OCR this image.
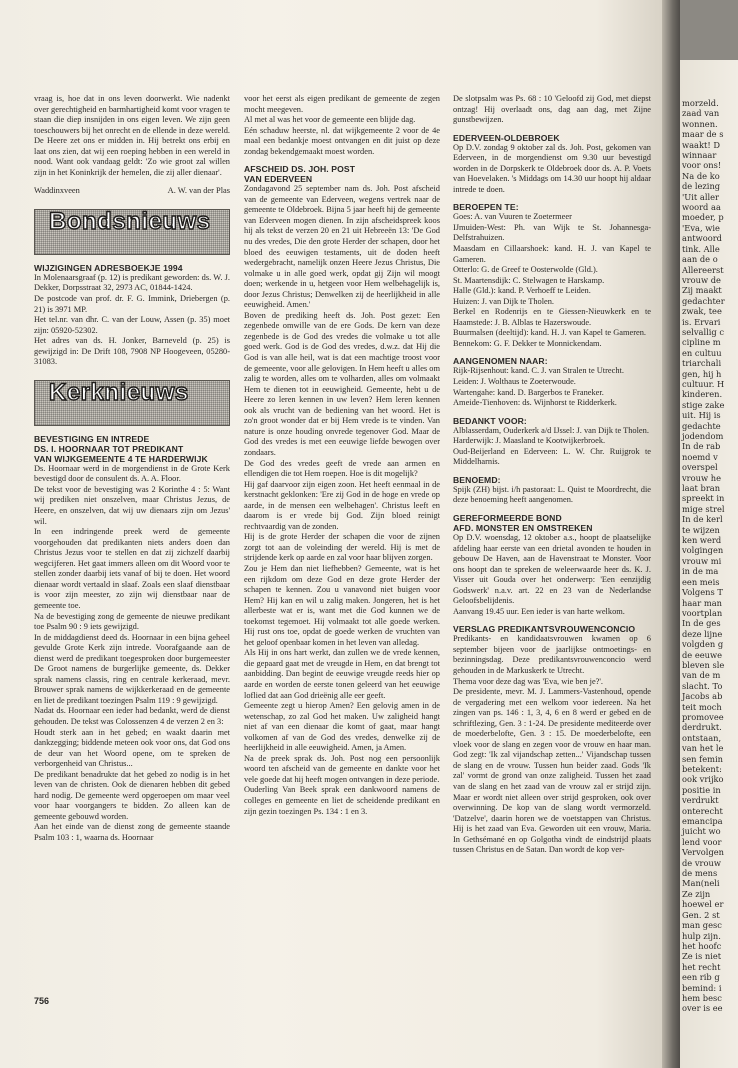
vraag is, hoe dat in ons leven doorwerkt. Wie nadenkt over gerechtigheid en barmhartigheid komt voor vragen te staan die diep insnijden in ons eigen leven. We zijn geen toeschouwers bij het onrecht en de ellende in deze wereld. De Heere zet ons er midden in. Hij betrekt ons erbij en laat ons zien, dat wij een roeping hebben in een wereld in nood. Want ook vandaag geldt: 'Zo wie groot zal willen zijn in het Koninkrijk der hemelen, die zij aller dienaar'.

Waddinxveen	A. W. van der Plas
Bondsnieuws
WIJZIGINGEN ADRESBOEKJE 1994

In Molenaarsgraaf (p. 12) is predikant geworden: ds. W. J. Dekker, Dorpsstraat 32, 2973 AC, 01844-1424.
De postcode van prof. dr. F. G. Immink, Driebergen (p. 21) is 3971 MP.
Het tel.nr. van dhr. C. van der Louw, Assen (p. 35) moet zijn: 05920-52302.
Het adres van ds. H. Jonker, Barneveld (p. 25) is gewijzigd in: De Drift 108, 7908 NP Hoogeveen, 05280-31083.

Kerknieuws
BEVESTIGING EN INTREDE
DS. I. HOORNAAR TOT PREDIKANT
VAN WIJKGEMEENTE 4 TE HARDERWIJK

Ds. Hoornaar werd in de morgendienst in de Grote Kerk bevestigd door de consulent ds. A. A. Floor.
De tekst voor de bevestiging was 2 Korinthe 4 : 5: Want wij prediken niet onszelven, maar Christus Jezus, de Heere, en onszelven, dat wij uw dienaars zijn om Jezus' wil.
In een indringende preek werd de gemeente voorgehouden dat predikanten niets anders doen dan Christus Jezus voor te stellen en dat zij zichzelf daarbij wegcijferen. Het gaat immers alleen om dit Woord voor te stellen zonder daarbij iets vanaf of bij te doen. Het woord dienaar wordt vertaald in slaaf. Zoals een slaaf dienstbaar is voor zijn meester, zo zijn wij dienstbaar naar de gemeente toe.
Na de bevestiging zong de gemeente de nieuwe predikant toe Psalm 90 : 9 iets gewijzigd.
In de middagdienst deed ds. Hoornaar in een bijna geheel gevulde Grote Kerk zijn intrede. Voorafgaande aan de dienst werd de predikant toegesproken door burgemeester De Groot namens de burgerlijke gemeente, ds. Dekker sprak namens classis, ring en centrale kerkeraad, mevr. Brouwer sprak namens de wijkkerkeraad en de gemeente en liet de predikant toezingen Psalm 119 : 9 gewijzigd.
Nadat ds. Hoornaar een ieder had bedankt, werd de dienst gehouden. De tekst was Colossenzen 4 de verzen 2 en 3:
Houdt sterk aan in het gebed; en waakt daarin met dankzegging; biddende meteen ook voor ons, dat God ons de deur van het Woord opene, om te spreken de verborgenheid van Christus...
De predikant benadrukte dat het gebed zo nodig is in het leven van de christen. Ook de dienaren hebben dit gebed hard nodig. De gemeente werd opgeroepen om maar veel voor haar voorgangers te bidden. Zo alleen kan de gemeente gebouwd worden.
Aan het einde van de dienst zong de gemeente staande Psalm 103 : 1, waarna ds. Hoornaar

voor het eerst als eigen predikant de gemeente de zegen mocht meegeven.
Al met al was het voor de gemeente een blijde dag.
Eén schaduw heerste, nl. dat wijkgemeente 2 voor de 4e maal een bedankje moest ontvangen en dit juist op deze zondag bekendgemaakt moest worden.

AFSCHEID DS. JOH. POST
VAN EDERVEEN

Zondagavond 25 september nam ds. Joh. Post afscheid van de gemeente van Ederveen, wegens vertrek naar de gemeente te Oldebroek. Bijna 5 jaar heeft hij de gemeente van Ederveen mogen dienen. In zijn afscheidspreek koos hij als tekst de verzen 20 en 21 uit Hebreeën 13: 'De God nu des vredes, Die den grote Herder der schapen, door het bloed des eeuwigen testaments, uit de doden heeft wedergebracht, namelijk onzen Heere Jezus Christus, Die volmake u in alle goed werk, opdat gij Zijn wil moogt doen; werkende in u, hetgeen voor Hem welbehagelijk is, door Jezus Christus; Denwelken zij de heerlijkheid in alle eeuwigheid. Amen.'
Boven de prediking heeft ds. Joh. Post gezet: Een zegenbede omwille van de ere Gods. De kern van deze zegenbede is de God des vredes die volmake u tot alle goed werk. God is de God des vredes, d.w.z. dat Hij die God is van alle heil, wat is dat een machtige troost voor de gemeente, voor alle gelovigen. In Hem heeft u alles om zalig te worden, alles om te volharden, alles om volmaakt Hem te dienen tot in eeuwigheid. Gemeente, hebt u de Heere zo leren kennen in uw leven? Hem leren kennen ook als vrucht van de bediening van het woord. Het is zo'n groot wonder dat er bij Hem vrede is te vinden. Van nature is onze houding onvrede tegenover God. Maar de God des vredes is met een eeuwige liefde bewogen over zondaars.
De God des vredes geeft de vrede aan armen en ellendigen die tot Hem roepen. Hoe is dit mogelijk?
Hij gaf daarvoor zijn eigen zoon. Het heeft eenmaal in de kerstnacht geklonken: 'Ere zij God in de hoge en vrede op aarde, in de mensen een welbehagen'. Christus leeft en daarom is er vrede bij God. Zijn bloed reinigt rechtvaardig van de zonden.
Hij is de grote Herder der schapen die voor de zijnen zorgt tot aan de voleinding der wereld. Hij is met de strijdende kerk op aarde en zal voor haar blijven zorgen.
Zou je Hem dan niet liefhebben? Gemeente, wat is het een rijkdom om deze God en deze grote Herder der schapen te kennen. Zou u vanavond niet buigen voor Hem? Hij kan en wil u zalig maken. Jongeren, het is het allerbeste wat er is, want met die God kunnen we de toekomst tegemoet. Hij volmaakt tot alle goede werken. Hij rust ons toe, opdat de goede werken de vruchten van het geloof openbaar komen in het leven van alledag.
Als Hij in ons hart werkt, dan zullen we de vrede kennen, die gepaard gaat met de vreugde in Hem, en dat brengt tot aanbidding. Dan begint de eeuwige vreugde reeds hier op aarde en worden de eerste tonen geleerd van het eeuwige loflied dat aan God drieënig alle eer geeft.
Gemeente zegt u hierop Amen? Een gelovig amen in de wetenschap, zo zal God het maken. Uw zaligheid hangt niet af van een dienaar die komt of gaat, maar hangt volkomen af van de God des vredes, denwelke zij de heerlijkheid in alle eeuwigheid. Amen, ja Amen.
Na de preek sprak ds. Joh. Post nog een persoonlijk woord ten afscheid van de gemeente en dankte voor het vele goede dat hij heeft mogen ontvangen in deze periode.
Ouderling Van Beek sprak een dankwoord namens de colleges en gemeente en liet de scheidende predikant en zijn gezin toezingen Ps. 134 : 1 en 3.

De slotpsalm was Ps. 68 : 10 'Geloofd zij God, met diepst ontzag! Hij overlaadt ons, dag aan dag, met Zijne gunstbewijzen.

EDERVEEN-OLDEBROEK

Op D.V. zondag 9 oktober zal ds. Joh. Post, gekomen van Ederveen, in de morgendienst om 9.30 uur bevestigd worden in de Dorpskerk te Oldebroek door ds. A. P. Voets van Hoevelaken. 's Middags om 14.30 uur hoopt hij aldaar intrede te doen.

BEROEPEN TE:

Goes: A. van Vuuren te Zoetermeer
IJmuiden-West: Ph. van Wijk te St. Johannesga-Delfstrahuizen.
Maasdam en Cillaarshoek: kand. H. J. van Kapel te Gameren.
Otterlo: G. de Greef te Oosterwolde (Gld.).
St. Maartensdijk: C. Stelwagen te Harskamp.
Halle (Gld.): kand. P. Verhoeff te Leiden.
Huizen: J. van Dijk te Tholen.
Berkel en Rodenrijs en te Giessen-Nieuwkerk en te Haamstede: J. B. Alblas te Hazerswoude.
Buurmalsen (deeltijd): kand. H. J. van Kapel te Gameren.
Bennekom: G. F. Dekker te Monnickendam.

AANGENOMEN NAAR:

Rijk-Rijsenhout: kand. C. J. van Stralen te Utrecht.
Leiden: J. Wolthaus te Zoeterwoude.
Wartengahe: kand. D. Bargerbos te Franeker.
Ameide-Tienhoven: ds. Wijnhorst te Ridderkerk.

BEDANKT VOOR:

Alblasserdam, Ouderkerk a/d IJssel: J. van Dijk te Tholen.
Harderwijk: J. Maasland te Kootwijkerbroek.
Oud-Beijerland en Ederveen: L. W. Chr. Ruijgrok te Middelharnis.

BENOEMD:

Spijk (ZH) bijst. i/h pastoraat: L. Quist te Moordrecht, die deze benoeming heeft aangenomen.

GEREFORMEERDE BOND
AFD. MONSTER EN OMSTREKEN

Op D.V. woensdag, 12 oktober a.s., hoopt de plaatselijke afdeling haar eerste van een drietal avonden te houden in gebouw De Haven, aan de Havenstraat te Monster. Voor ons hoopt dan te spreken de weleerwaarde heer ds. K. J. Visser uit Gouda over het onderwerp: 'Een eenzijdig Godswerk' n.a.v. art. 22 en 23 van de Nederlandse Geloofsbelijdenis.
Aanvang 19.45 uur. Een ieder is van harte welkom.

VERSLAG PREDIKANTSVROUWENCONCIO

Predikants- en kandidaatsvrouwen kwamen op 6 september bijeen voor de jaarlijkse ontmoetings- en bezinningsdag. Deze predikantsvrouwenconcio werd gehouden in de Markuskerk te Utrecht.
Thema voor deze dag was 'Eva, wie ben je?'.
De presidente, mevr. M. J. Lammers-Vastenhoud, opende de vergadering met een welkom voor iedereen. Na het zingen van ps. 146 : 1, 3, 4, 6 en 8 werd er gebed en de schriftlezing, Gen. 3 : 1-24. De presidente mediteerde over de moederbelofte, Gen. 3 : 15. De moederbelofte, een vloek voor de slang en zegen voor de vrouw en haar man. God zegt: 'Ik zal vijandschap zetten...' Vijandschap tussen de slang en de vrouw. Tussen hun beider zaad. Gods 'Ik zal' vormt de grond van onze zaligheid. Tussen het zaad van de slang en het zaad van de vrouw zal er strijd zijn. Maar er wordt niet alleen over strijd gesproken, ook over overwinning. De kop van de slang wordt vermorzeld. 'Datzelve', daarin horen we de voetstappen van Christus. Hij is het zaad van Eva. Geworden uit een vrouw, Maria. In Gethsémané en op Golgotha vindt de eindstrijd plaats tussen Christus en de Satan. Dan wordt de kop ver-

756
morzeld.
zaad van
wonnen.
maar de s
waakt! D
winnaar
voor ons!
Na de ko
de lezing
'Uit aller
woord aa
moeder, p
'Eva, wie
antwoord
tink. Alle
aan de o
Allereerst
vrouw de
Zij maakt
gedachter
zwak, tee
is. Ervari
selvallig c
cipline m
en cultuu
triarchali
gen, hij h
cultuur. H
kinderen.
stige zake
uit. Hij is
gedachte
jodendom
In de rab
noemd v
overspel
vrouw he
laat bran
spreekt in
mige strel
In de kerl
te wijzen
ken werd
volgingen
vrouw mi
in de ma
een meis
Volgens T
haar man
voortplan
In de ges
deze lijne
volgden g
de eeuwe
bleven sle
van de m
slacht. To
Jacobs ab
teit moch
promovee
derdrukt.
ontstaan,
van het le
sen femin
betekent:
ook vrijko
positie in
verdrukt
onterecht
emancipa
juicht wo
lend voor
Vervolgen
de vrouw
de mens
Man(neli
Ze zijn
hoewel er
Gen. 2 st
man gesc
hulp zijn.
het hoofc
Ze is niet
het recht
een rib g
bemind: i
hem besc
over is ee
